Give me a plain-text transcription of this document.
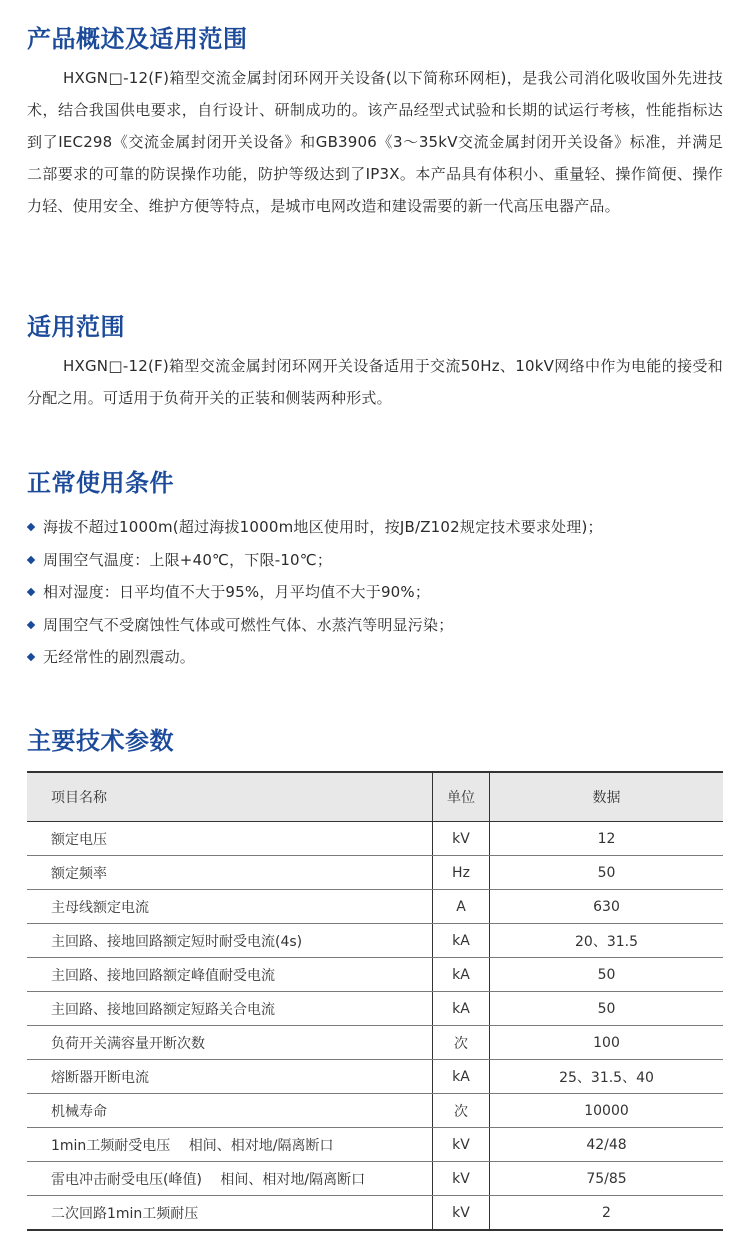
产品概述及适用范围

HXGN□-12(F)箱型交流金属封闭环网开关设备(以下简称环网柜)，是我公司消化吸收国外先进技术，结合我国供电要求，自行设计、研制成功的。该产品经型式试验和长期的试运行考核，性能指标达到了IEC298《交流金属封闭开关设备》和GB3906《3～35kV交流金属封闭开关设备》标准，并满足二部要求的可靠的防误操作功能，防护等级达到了IP3X。本产品具有体积小、重量轻、操作简便、操作力轻、使用安全、维护方便等特点，是城市电网改造和建设需要的新一代高压电器产品。

适用范围

HXGN□-12(F)箱型交流金属封闭环网开关设备适用于交流50Hz、10kV网络中作为电能的接受和分配之用。可适用于负荷开关的正装和侧装两种形式。

正常使用条件
海拔不超过1000m(超过海拔1000m地区使用时，按JB/Z102规定技术要求处理)；
周围空气温度：上限+40℃，下限-10℃；
相对湿度：日平均值不大于95%，月平均值不大于90%；
周围空气不受腐蚀性气体或可燃性气体、水蒸汽等明显污染；
无经常性的剧烈震动。
主要技术参数
项目名称	单位	数据
额定电压	kV	12
额定频率	Hz	50
主母线额定电流	A	630
主回路、接地回路额定短时耐受电流(4s)	kA	20、31.5
主回路、接地回路额定峰值耐受电流	kA	50
主回路、接地回路额定短路关合电流	kA	50
负荷开关满容量开断次数	次	100
熔断器开断电流	kA	25、31.5、40
机械寿命	次	10000
1min工频耐受电压　 相间、相对地/隔离断口	kV	42/48
雷电冲击耐受电压(峰值)　 相间、相对地/隔离断口	kV	75/85
二次回路1min工频耐压	kV	2
